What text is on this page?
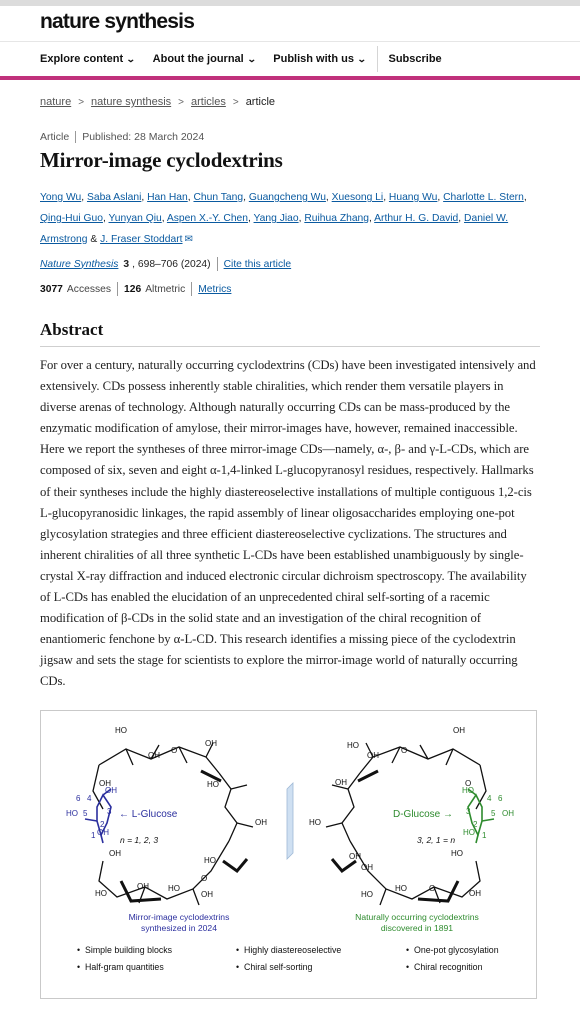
nature synthesis
Explore content ⌄ About the journal ⌄ Publish with us ⌄ Subscribe
nature > nature synthesis > articles > article
Article Published: 28 March 2024
Mirror-image cyclodextrins
Yong Wu, Saba Aslani, Han Han, Chun Tang, Guangcheng Wu, Xuesong Li, Huang Wu, Charlotte L. Stern, Qing-Hui Guo, Yunyan Qiu, Aspen X.-Y. Chen, Yang Jiao, Ruihua Zhang, Arthur H. G. David, Daniel W. Armstrong & J. Fraser Stoddart ✉
Nature Synthesis 3 , 698–706 (2024) Cite this article
3077 Accesses 126 Altmetric Metrics
Abstract

For over a century, naturally occurring cyclodextrins (CDs) have been investigated intensively and extensively. CDs possess inherently stable chiralities, which render them versatile players in diverse arenas of technology. Although naturally occurring CDs can be mass-produced by the enzymatic modification of amylose, their mirror-images have, however, remained inaccessible. Here we report the syntheses of three mirror-image CDs—namely, α-, β- and γ-L-CDs, which are composed of six, seven and eight α-1,4-linked L-glucopyranosyl residues, respectively. Hallmarks of their syntheses include the highly diastereoselective installations of multiple contiguous 1,2-cis L-glucopyranosidic linkages, the rapid assembly of linear oligosaccharides employing one-pot glycosylation strategies and three efficient diastereoselective cyclizations. The structures and inherent chiralities of all three synthetic L-CDs have been established unambiguously by single-crystal X-ray diffraction and induced electronic circular dichroism spectroscopy. The availability of L-CDs has enabled the elucidation of an unprecedented chiral self-sorting of a racemic modification of β-CDs in the solid state and an investigation of the chiral recognition of enantiomeric fenchone by α-L-CD. This research identifies a missing piece of the cyclodextrin jigsaw and sets the stage for scientists to explore the mirror-image world of naturally occurring CDs.

6 4
3
5
2
1
HO
OH
OH
← L-Glucose
n = 1, 2, 3
HO
OH
O
OH
HO
OH
OH
HO
O
OH
HO
OH HO
OH
Mirror-image cyclodextrins
synthesized in 2024
6
4
3	5
2
1
OH
HO
HO
D-Glucose →
3, 2, 1 = n
OH
HO
O
OH
OH	O
HO
OH
OH
HO
OH
O
HO
HO
Naturally occurring cyclodextrins
discovered in 1891
• Simple building blocks
• Half-gram quantities
• Highly diastereoselective
• Chiral self-sorting
• One-pot glycosylation
• Chiral recognition
